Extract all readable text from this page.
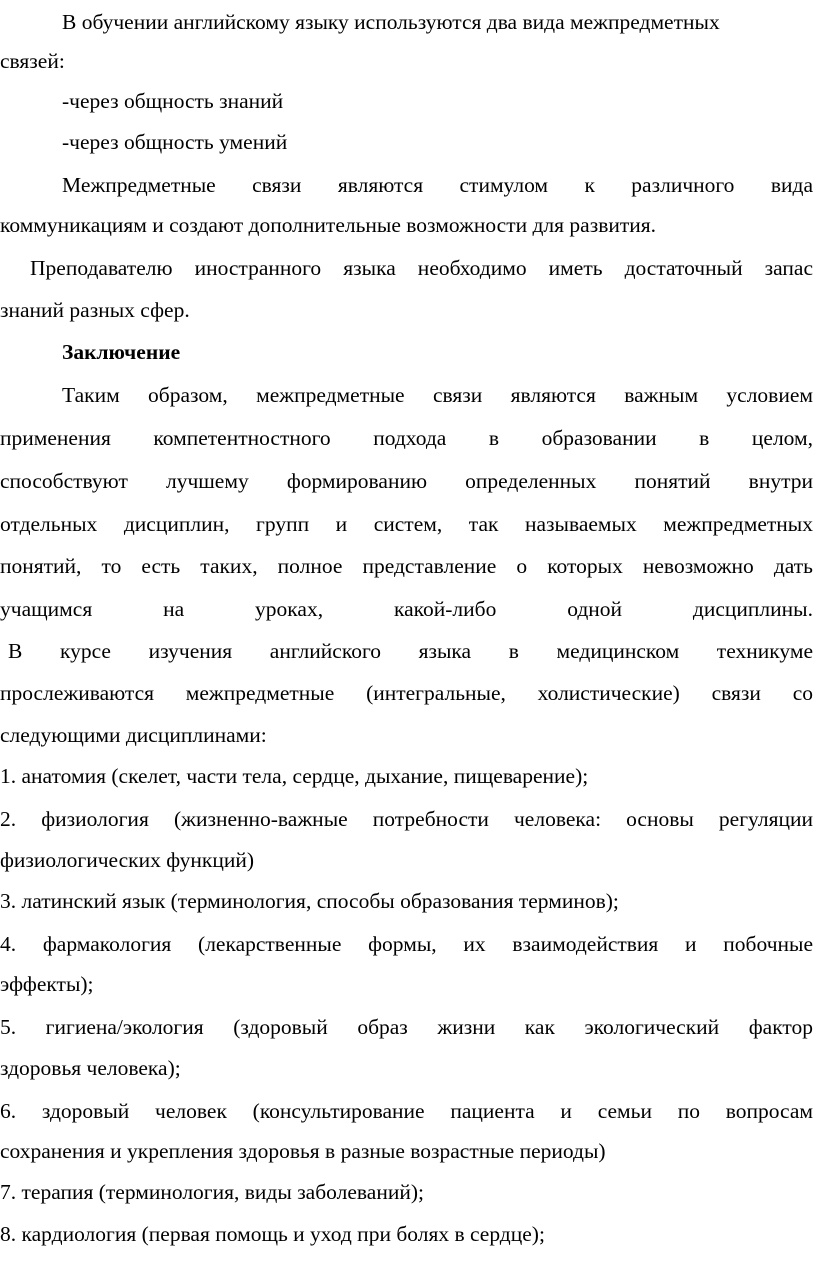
В обучении английскому языку используются два вида межпредметных
связей:
-через общность знаний
-через общность умений
Межпредметные связи являются стимулом к различного вида
коммуникациям и создают дополнительные возможности для развития.
Преподавателю иностранного языка необходимо иметь достаточный запас
знаний разных сфер.
Заключение
Таким образом, межпредметные связи являются важным условием
применения компетентностного подхода в образовании в целом,
способствуют лучшему формированию определенных понятий внутри
отдельных дисциплин, групп и систем, так называемых межпредметных
понятий, то есть таких, полное представление о которых невозможно дать
учащимся на уроках, какой-либо одной дисциплины.
В курсе изучения английского языка в медицинском техникуме
прослеживаются межпредметные (интегральные, холистические) связи со
следующими дисциплинами:
1. анатомия (скелет, части тела, сердце, дыхание, пищеварение);
2. физиология (жизненно-важные потребности человека: основы регуляции
физиологических функций)
3. латинский язык (терминология, способы образования терминов);
4. фармакология (лекарственные формы, их взаимодействия и побочные
эффекты);
5. гигиена/экология (здоровый образ жизни как экологический фактор
здоровья человека);
6. здоровый человек (консультирование пациента и семьи по вопросам
сохранения и укрепления здоровья в разные возрастные периоды)
7. терапия (терминология, виды заболеваний);
8. кардиология (первая помощь и уход при болях в сердце);
